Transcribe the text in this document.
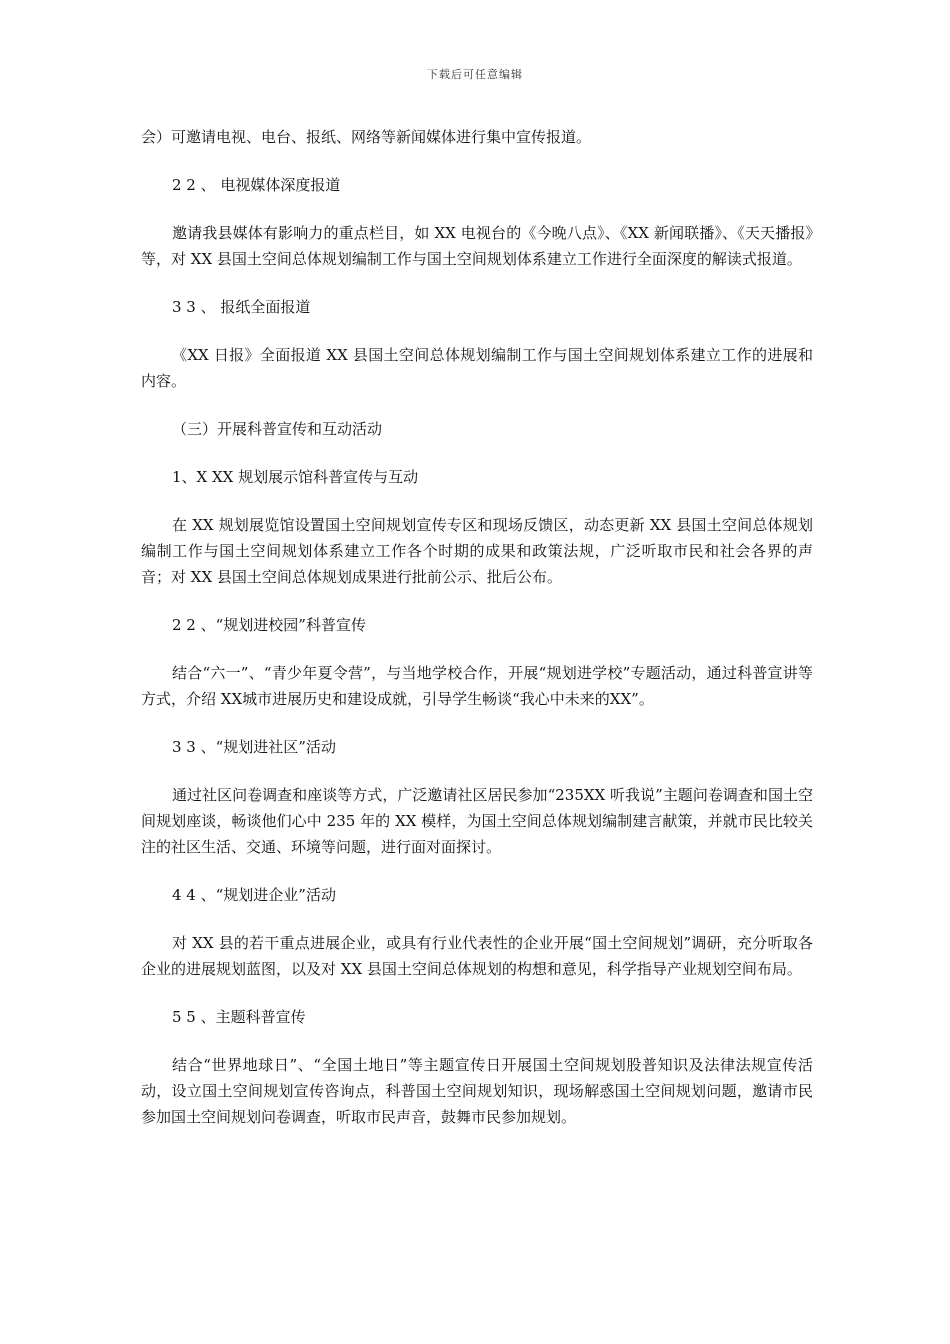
下载后可任意编辑

会）可邀请电视、电台、报纸、网络等新闻媒体进行集中宣传报道。

2 2 、 电视媒体深度报道

邀请我县媒体有影响力的重点栏目，如 XX 电视台的《今晚八点》、《XX 新闻联播》、《天天播报》等，对 XX 县国土空间总体规划编制工作与国土空间规划体系建立工作进行全面深度的解读式报道。

3 3 、 报纸全面报道

《XX 日报》全面报道 XX 县国土空间总体规划编制工作与国土空间规划体系建立工作的进展和内容。

（三）开展科普宣传和互动活动

1、X XX 规划展示馆科普宣传与互动

在 XX 规划展览馆设置国土空间规划宣传专区和现场反馈区，动态更新 XX 县国土空间总体规划编制工作与国土空间规划体系建立工作各个时期的成果和政策法规，广泛听取市民和社会各界的声音；对 XX 县国土空间总体规划成果进行批前公示、批后公布。

2 2 、“规划进校园”科普宣传

结合“六一”、“青少年夏令营”，与当地学校合作，开展“规划进学校”专题活动，通过科普宣讲等方式，介绍 XX城市进展历史和建设成就，引导学生畅谈“我心中未来的XX”。

3 3 、“规划进社区”活动

通过社区问卷调查和座谈等方式，广泛邀请社区居民参加“235XX 听我说”主题问卷调查和国土空间规划座谈，畅谈他们心中 235 年的 XX 模样，为国土空间总体规划编制建言献策，并就市民比较关注的社区生活、交通、环境等问题，进行面对面探讨。

4 4 、“规划进企业”活动

对 XX 县的若干重点进展企业，或具有行业代表性的企业开展“国土空间规划”调研，充分听取各企业的进展规划蓝图，以及对 XX 县国土空间总体规划的构想和意见，科学指导产业规划空间布局。

5 5 、主题科普宣传

结合“世界地球日”、“全国土地日”等主题宣传日开展国土空间规划股普知识及法律法规宣传活动，设立国土空间规划宣传咨询点，科普国土空间规划知识，现场解惑国土空间规划问题，邀请市民参加国土空间规划问卷调查，听取市民声音，鼓舞市民参加规划。
